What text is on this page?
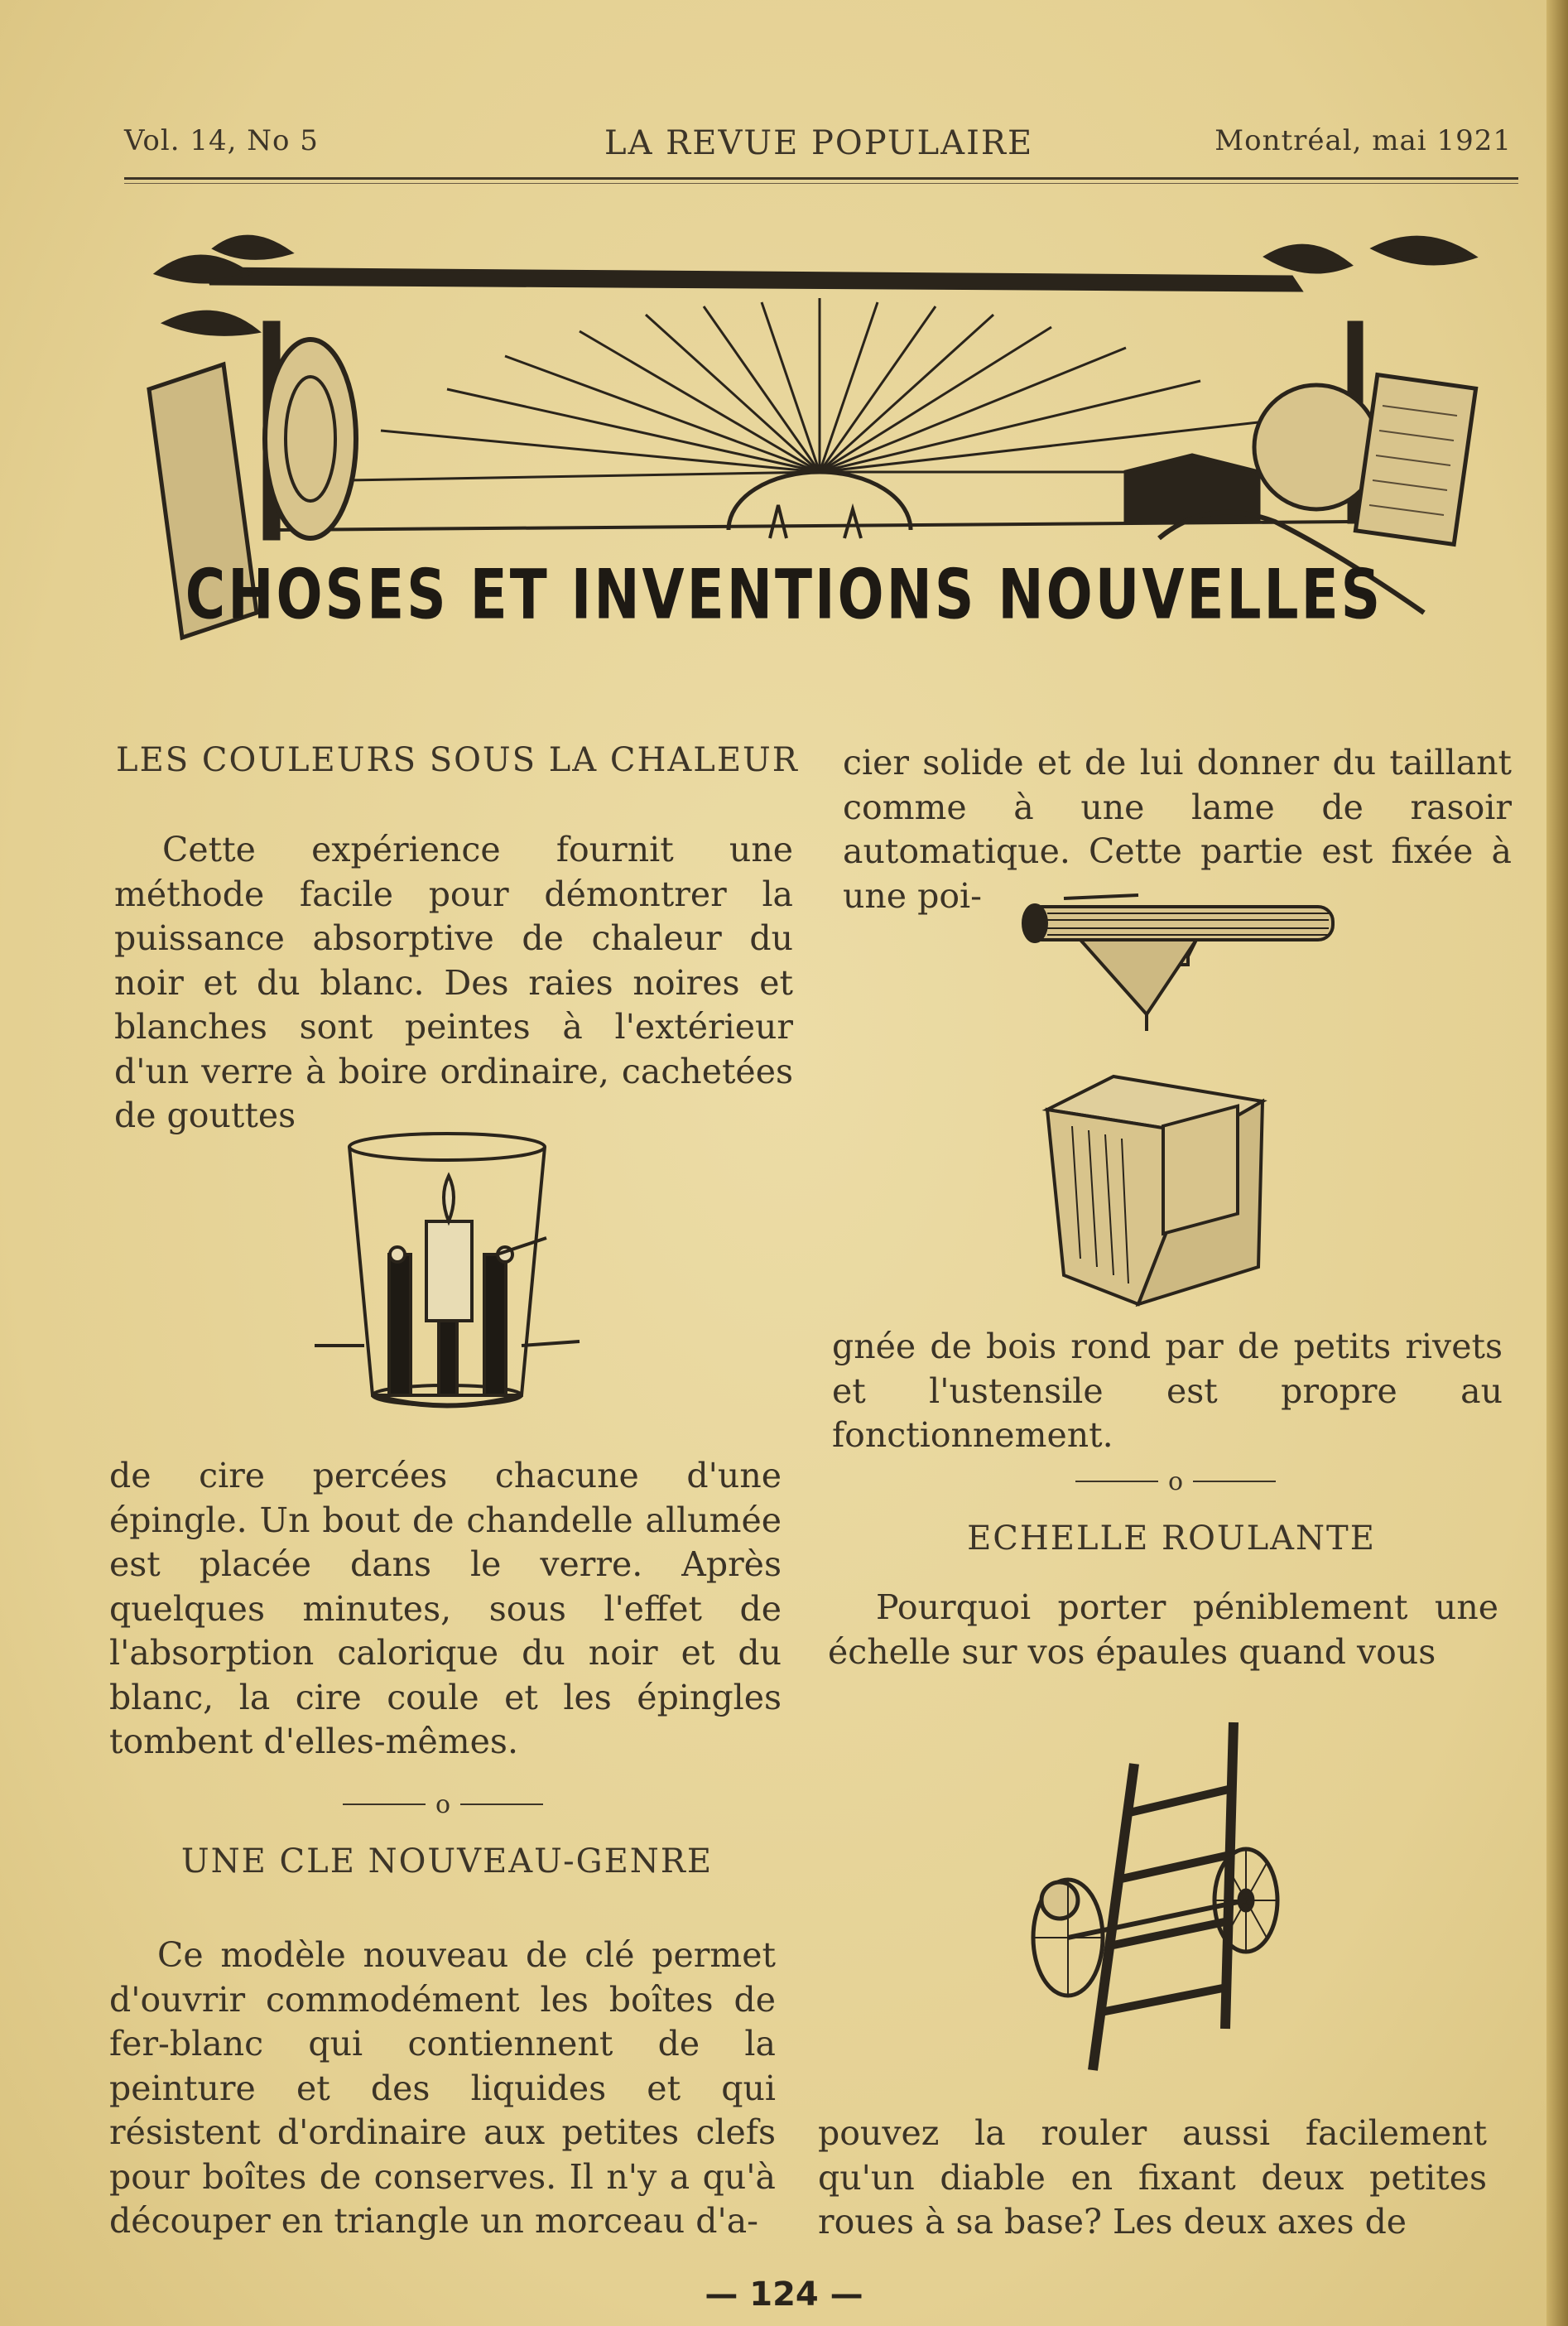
Vol. 14, No 5	LA REVUE POPULAIRE	Montréal, mai 1921
CHOSES ET INVENTIONS NOUVELLES
LES COULEURS SOUS LA CHALEUR

Cette expérience fournit une méthode facile pour démontrer la puissance absorptive de chaleur du noir et du blanc. Des raies noires et blanches sont peintes à l'extérieur d'un verre à boire ordinaire, cachetées de gouttes

de cire percées chacune d'une épingle. Un bout de chandelle allumée est placée dans le verre. Après quelques minutes, sous l'effet de l'absorption calorique du noir et du blanc, la cire coule et les épingles tombent d'elles-mêmes.

o
UNE CLE NOUVEAU-GENRE

Ce modèle nouveau de clé permet d'ouvrir commodément les boîtes de fer-blanc qui contiennent de la peinture et des liquides et qui résistent d'ordinaire aux petites clefs pour boîtes de conserves. Il n'y a qu'à découper en triangle un morceau d'a-

cier solide et de lui donner du taillant comme à une lame de rasoir automatique. Cette partie est fixée à une poi-

gnée de bois rond par de petits rivets et l'ustensile est propre au fonctionnement.

o
ECHELLE ROULANTE

Pourquoi porter péniblement une échelle sur vos épaules quand vous

pouvez la rouler aussi facilement qu'un diable en fixant deux petites roues à sa base? Les deux axes de

— 124 —
